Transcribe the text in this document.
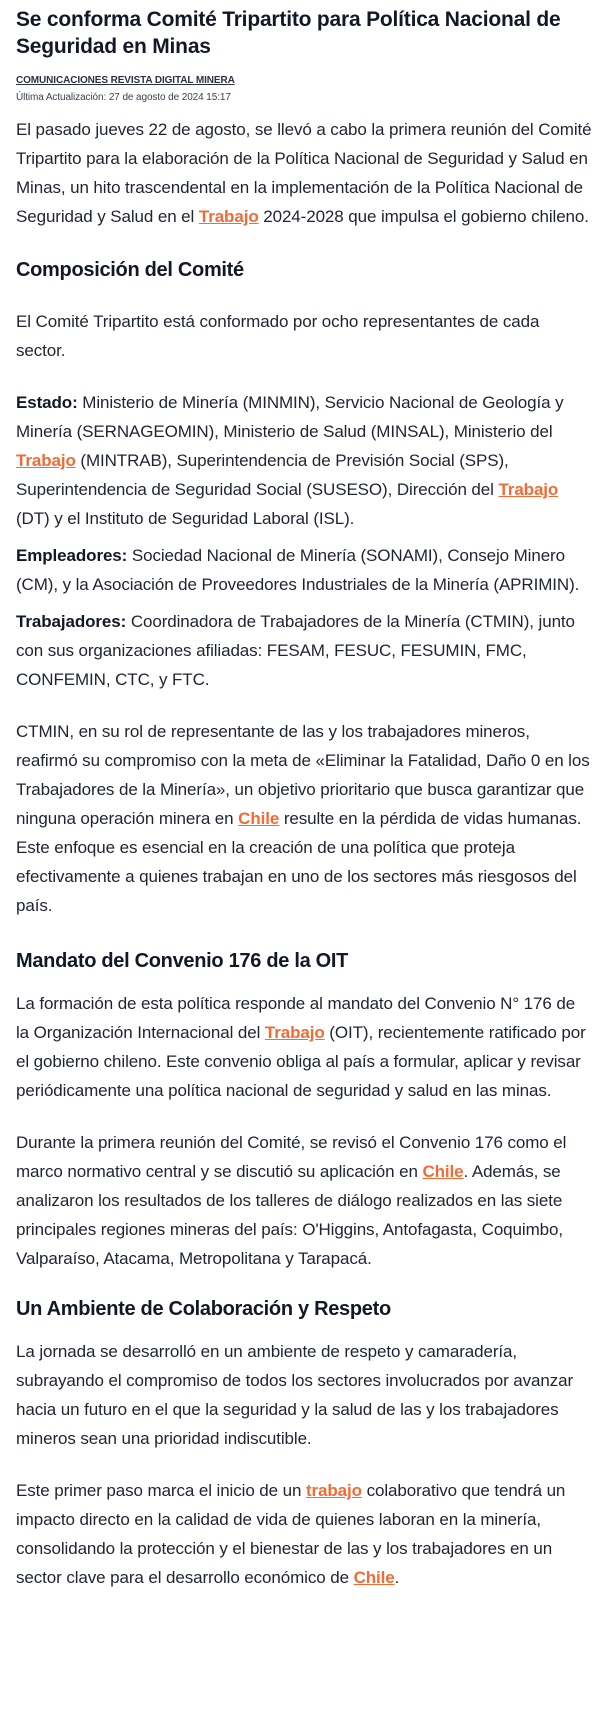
Se conforma Comité Tripartito para Política Nacional de Seguridad en Minas
COMUNICACIONES REVISTA DIGITAL MINERA
Última Actualización: 27 de agosto de 2024 15:17

El pasado jueves 22 de agosto, se llevó a cabo la primera reunión del Comité Tripartito para la elaboración de la Política Nacional de Seguridad y Salud en Minas, un hito trascendental en la implementación de la Política Nacional de Seguridad y Salud en el Trabajo 2024-2028 que impulsa el gobierno chileno.

Composición del Comité

El Comité Tripartito está conformado por ocho representantes de cada sector.

Estado: Ministerio de Minería (MINMIN), Servicio Nacional de Geología y Minería (SERNAGEOMIN), Ministerio de Salud (MINSAL), Ministerio del Trabajo (MINTRAB), Superintendencia de Previsión Social (SPS), Superintendencia de Seguridad Social (SUSESO), Dirección del Trabajo (DT) y el Instituto de Seguridad Laboral (ISL).

Empleadores: Sociedad Nacional de Minería (SONAMI), Consejo Minero (CM), y la Asociación de Proveedores Industriales de la Minería (APRIMIN).

Trabajadores: Coordinadora de Trabajadores de la Minería (CTMIN), junto con sus organizaciones afiliadas: FESAM, FESUC, FESUMIN, FMC, CONFEMIN, CTC, y FTC.

CTMIN, en su rol de representante de las y los trabajadores mineros, reafirmó su compromiso con la meta de «Eliminar la Fatalidad, Daño 0 en los Trabajadores de la Minería», un objetivo prioritario que busca garantizar que ninguna operación minera en Chile resulte en la pérdida de vidas humanas. Este enfoque es esencial en la creación de una política que proteja efectivamente a quienes trabajan en uno de los sectores más riesgosos del país.

Mandato del Convenio 176 de la OIT

La formación de esta política responde al mandato del Convenio N° 176 de la Organización Internacional del Trabajo (OIT), recientemente ratificado por el gobierno chileno. Este convenio obliga al país a formular, aplicar y revisar periódicamente una política nacional de seguridad y salud en las minas.

Durante la primera reunión del Comité, se revisó el Convenio 176 como el marco normativo central y se discutió su aplicación en Chile. Además, se analizaron los resultados de los talleres de diálogo realizados en las siete principales regiones mineras del país: O'Higgins, Antofagasta, Coquimbo, Valparaíso, Atacama, Metropolitana y Tarapacá.

Un Ambiente de Colaboración y Respeto

La jornada se desarrolló en un ambiente de respeto y camaradería, subrayando el compromiso de todos los sectores involucrados por avanzar hacia un futuro en el que la seguridad y la salud de las y los trabajadores mineros sean una prioridad indiscutible.

Este primer paso marca el inicio de un trabajo colaborativo que tendrá un impacto directo en la calidad de vida de quienes laboran en la minería, consolidando la protección y el bienestar de las y los trabajadores en un sector clave para el desarrollo económico de Chile.
